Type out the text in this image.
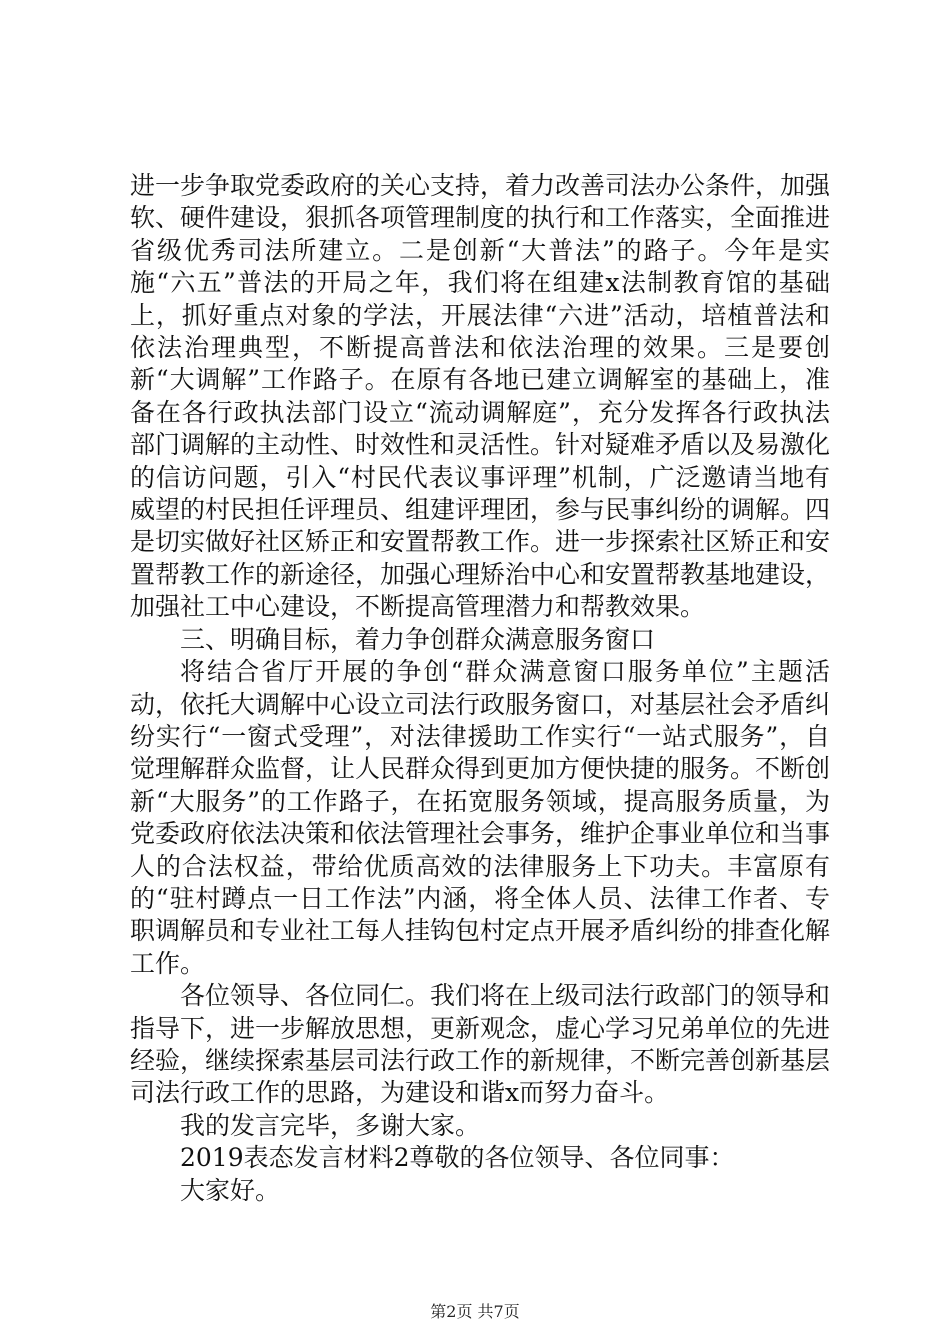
进一步争取党委政府的关心支持，着力改善司法办公条件，加强软、硬件建设，狠抓各项管理制度的执行和工作落实，全面推进省级优秀司法所建立。二是创新“大普法”的路子。今年是实施“六五”普法的开局之年，我们将在组建x法制教育馆的基础上，抓好重点对象的学法，开展法律“六进”活动，培植普法和依法治理典型，不断提高普法和依法治理的效果。三是要创新“大调解”工作路子。在原有各地已建立调解室的基础上，准备在各行政执法部门设立“流动调解庭”，充分发挥各行政执法部门调解的主动性、时效性和灵活性。针对疑难矛盾以及易激化的信访问题，引入“村民代表议事评理”机制，广泛邀请当地有威望的村民担任评理员、组建评理团，参与民事纠纷的调解。四是切实做好社区矫正和安置帮教工作。进一步探索社区矫正和安置帮教工作的新途径，加强心理矫治中心和安置帮教基地建设，加强社工中心建设，不断提高管理潜力和帮教效果。

三、明确目标，着力争创群众满意服务窗口

将结合省厅开展的争创“群众满意窗口服务单位”主题活动，依托大调解中心设立司法行政服务窗口，对基层社会矛盾纠纷实行“一窗式受理”，对法律援助工作实行“一站式服务”，自觉理解群众监督，让人民群众得到更加方便快捷的服务。不断创新“大服务”的工作路子，在拓宽服务领域，提高服务质量，为党委政府依法决策和依法管理社会事务，维护企事业单位和当事人的合法权益，带给优质高效的法律服务上下功夫。丰富原有的“驻村蹲点一日工作法”内涵，将全体人员、法律工作者、专职调解员和专业社工每人挂钩包村定点开展矛盾纠纷的排查化解工作。

各位领导、各位同仁。我们将在上级司法行政部门的领导和指导下，进一步解放思想，更新观念，虚心学习兄弟单位的先进经验，继续探索基层司法行政工作的新规律，不断完善创新基层司法行政工作的思路，为建设和谐x而努力奋斗。

我的发言完毕，多谢大家。

2019表态发言材料2尊敬的各位领导、各位同事：

大家好。

第2页 共7页
